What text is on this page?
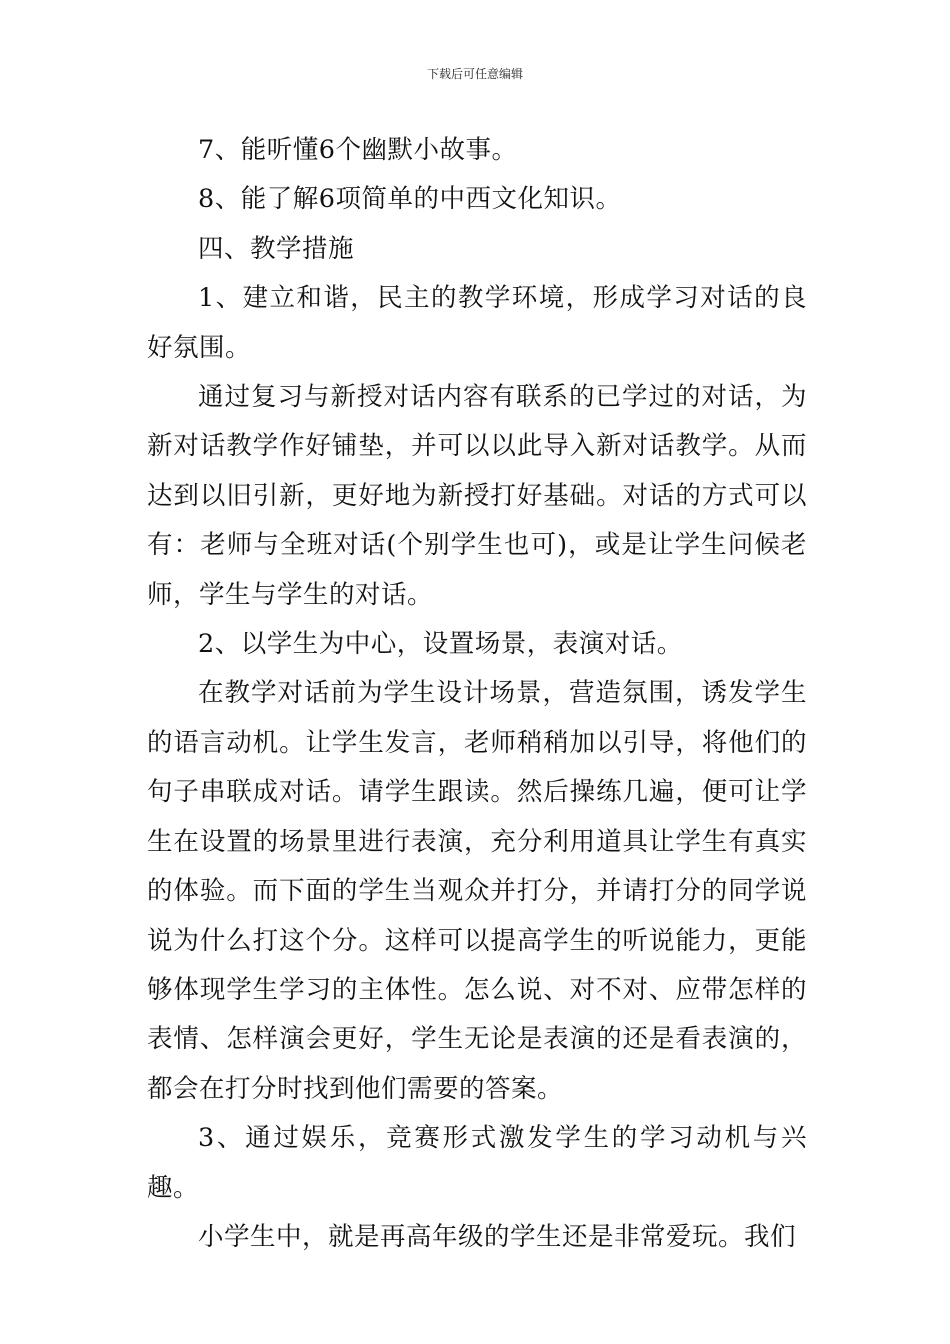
下载后可任意编辑

7、能听懂6个幽默小故事。

8、能了解6项简单的中西文化知识。

四、教学措施

1、建立和谐，民主的教学环境，形成学习对话的良好氛围。

通过复习与新授对话内容有联系的已学过的对话，为新对话教学作好铺垫，并可以以此导入新对话教学。从而达到以旧引新，更好地为新授打好基础。对话的方式可以有：老师与全班对话(个别学生也可)，或是让学生问候老师，学生与学生的对话。

2、以学生为中心，设置场景，表演对话。

在教学对话前为学生设计场景，营造氛围，诱发学生的语言动机。让学生发言，老师稍稍加以引导，将他们的句子串联成对话。请学生跟读。然后操练几遍，便可让学生在设置的场景里进行表演，充分利用道具让学生有真实的体验。而下面的学生当观众并打分，并请打分的同学说说为什么打这个分。这样可以提高学生的听说能力，更能够体现学生学习的主体性。怎么说、对不对、应带怎样的表情、怎样演会更好，学生无论是表演的还是看表演的，都会在打分时找到他们需要的答案。

3、通过娱乐，竞赛形式激发学生的学习动机与兴趣。

小学生中，就是再高年级的学生还是非常爱玩。我们
